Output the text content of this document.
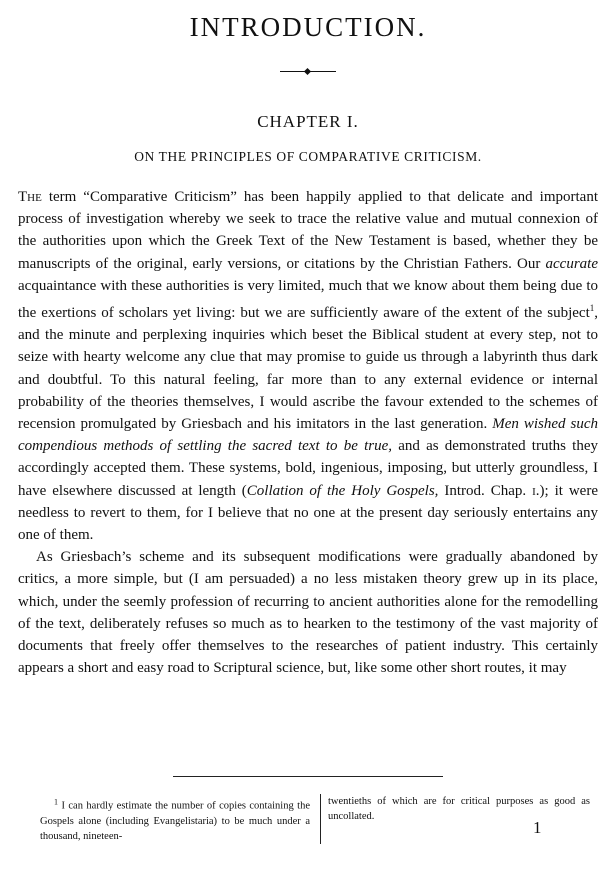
INTRODUCTION.
CHAPTER I.
ON THE PRINCIPLES OF COMPARATIVE CRITICISM.

The term “Comparative Criticism” has been happily applied to that delicate and important process of investigation whereby we seek to trace the relative value and mutual connexion of the authorities upon which the Greek Text of the New Testament is based, whether they be manuscripts of the original, early versions, or citations by the Christian Fathers. Our accurate acquaintance with these authorities is very limited, much that we know about them being due to the exertions of scholars yet living: but we are sufficiently aware of the extent of the subject$^1$, and the minute and perplexing inquiries which beset the Biblical student at every step, not to seize with hearty welcome any clue that may promise to guide us through a labyrinth thus dark and doubtful. To this natural feeling, far more than to any external evidence or internal probability of the theories themselves, I would ascribe the favour extended to the schemes of recension promulgated by Griesbach and his imitators in the last generation. Men wished such compendious methods of settling the sacred text to be true, and as demonstrated truths they accordingly accepted them. These systems, bold, ingenious, imposing, but utterly groundless, I have elsewhere discussed at length (Collation of the Holy Gospels, Introd. Chap. i.); it were needless to revert to them, for I believe that no one at the present day seriously entertains any one of them.

As Griesbach’s scheme and its subsequent modifications were gradually abandoned by critics, a more simple, but (I am persuaded) a no less mistaken theory grew up in its place, which, under the seemly profession of recurring to ancient authorities alone for the remodelling of the text, deliberately refuses so much as to hearken to the testimony of the vast majority of documents that freely offer themselves to the researches of patient industry. This certainly appears a short and easy road to Scriptural science, but, like some other short routes, it may

$^1$ I can hardly estimate the number of copies containing the Gospels alone (including Evangelistaria) to be much under a thousand, nineteen-
twentieths of which are for critical purposes as good as uncollated.
1
